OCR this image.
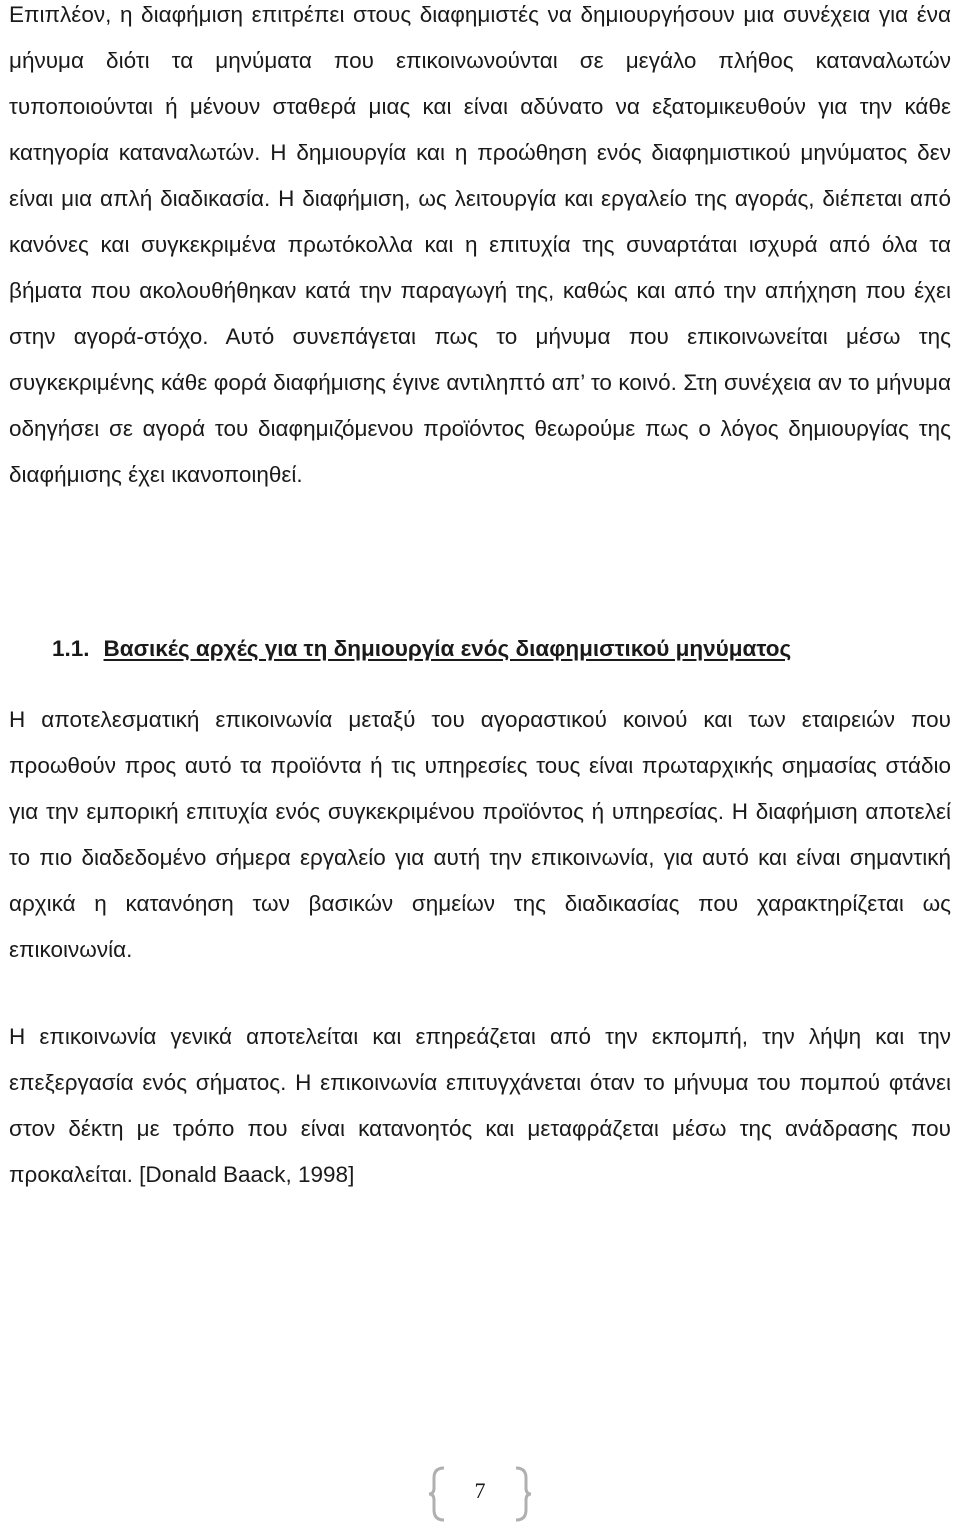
Επιπλέον, η διαφήμιση επιτρέπει στους διαφημιστές να δημιουργήσουν μια συνέχεια για ένα μήνυμα διότι τα μηνύματα που επικοινωνούνται σε μεγάλο πλήθος καταναλωτών τυποποιούνται ή μένουν σταθερά μιας και είναι αδύνατο να εξατομικευθούν για την κάθε κατηγορία καταναλωτών. Η δημιουργία και η προώθηση ενός διαφημιστικού μηνύματος δεν είναι μια απλή διαδικασία. Η διαφήμιση, ως λειτουργία και εργαλείο της αγοράς, διέπεται από κανόνες και συγκεκριμένα πρωτόκολλα και η επιτυχία της συναρτάται ισχυρά από όλα τα βήματα που ακολουθήθηκαν κατά την παραγωγή της, καθώς και από την απήχηση που έχει στην αγορά-στόχο. Αυτό συνεπάγεται πως το μήνυμα που επικοινωνείται μέσω της συγκεκριμένης κάθε φορά διαφήμισης έγινε αντιληπτό απ’ το κοινό. Στη συνέχεια αν το μήνυμα οδηγήσει σε αγορά του διαφημιζόμενου προϊόντος θεωρούμε πως ο λόγος δημιουργίας της διαφήμισης έχει ικανοποιηθεί.

1.1. Βασικές αρχές για τη δημιουργία ενός διαφημιστικού μηνύματος

Η αποτελεσματική επικοινωνία μεταξύ του αγοραστικού κοινού και των εταιρειών που προωθούν προς αυτό τα προϊόντα ή τις υπηρεσίες τους είναι πρωταρχικής σημασίας στάδιο για την εμπορική επιτυχία ενός συγκεκριμένου προϊόντος ή υπηρεσίας. Η διαφήμιση αποτελεί το πιο διαδεδομένο σήμερα εργαλείο για αυτή την επικοινωνία, για αυτό και είναι σημαντική αρχικά η κατανόηση των βασικών σημείων της διαδικασίας που χαρακτηρίζεται ως επικοινωνία.

Η επικοινωνία γενικά αποτελείται και επηρεάζεται από την εκπομπή, την λήψη και την επεξεργασία ενός σήματος. Η επικοινωνία επιτυγχάνεται όταν το μήνυμα του πομπού φτάνει στον δέκτη με τρόπο που είναι κατανοητός και μεταφράζεται μέσω της ανάδρασης που προκαλείται. [Donald Baack, 1998]

7
